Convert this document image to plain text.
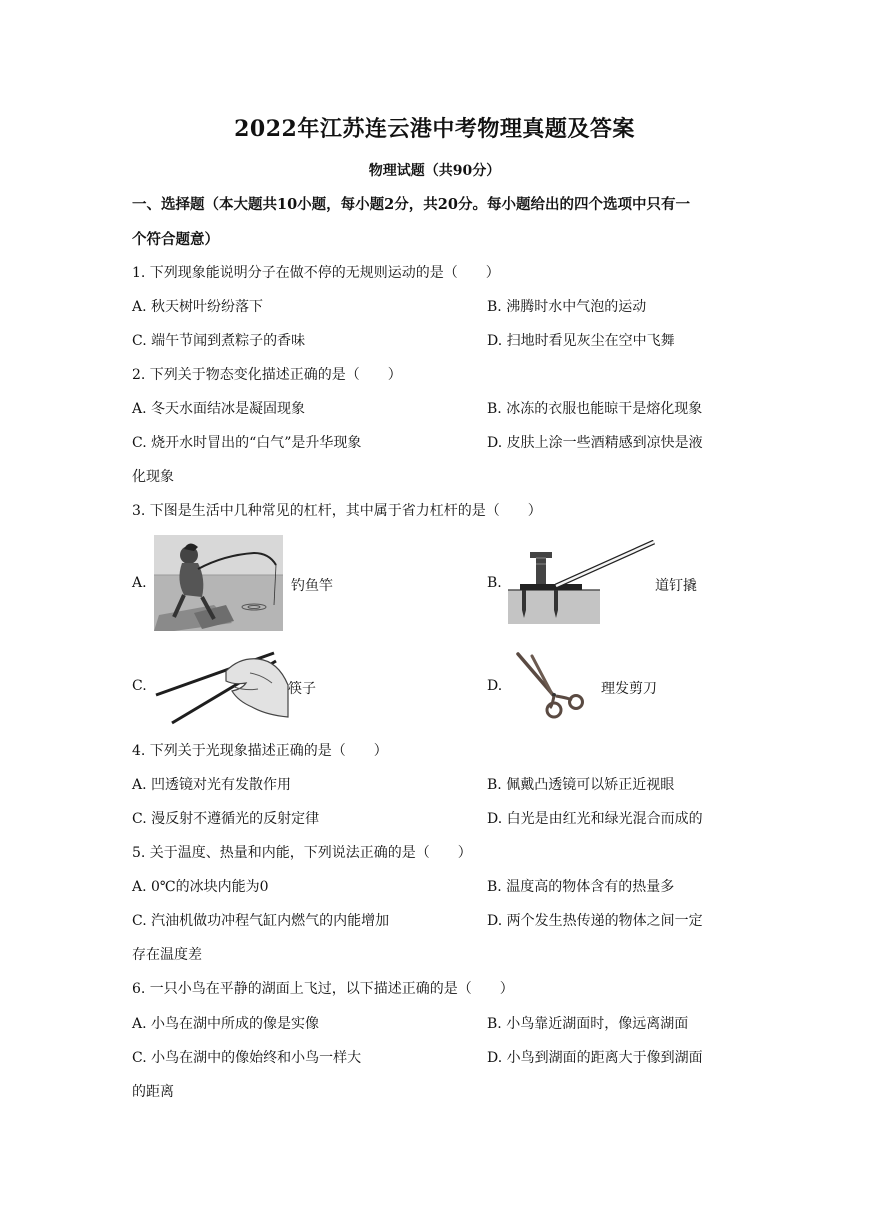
2022年江苏连云港中考物理真题及答案
物理试题（共90分）
一、选择题（本大题共10小题，每小题2分，共20分。每小题给出的四个选项中只有一
个符合题意）
1. 下列现象能说明分子在做不停的无规则运动的是（　　）
A. 秋天树叶纷纷落下	B. 沸腾时水中气泡的运动
C. 端午节闻到煮粽子的香味	D. 扫地时看见灰尘在空中飞舞
2. 下列关于物态变化描述正确的是（　　）
A. 冬天水面结冰是凝固现象	B. 冰冻的衣服也能晾干是熔化现象
C. 烧开水时冒出的“白气”是升华现象	D. 皮肤上涂一些酒精感到凉快是液
化现象
3. 下图是生活中几种常见的杠杆，其中属于省力杠杆的是（　　）
A.	钓鱼竿	B.	道钉撬
C.	筷子	D.	理发剪刀
4. 下列关于光现象描述正确的是（　　）
A. 凹透镜对光有发散作用	B. 佩戴凸透镜可以矫正近视眼
C. 漫反射不遵循光的反射定律	D. 白光是由红光和绿光混合而成的
5. 关于温度、热量和内能，下列说法正确的是（　　）
A. 0℃的冰块内能为0	B. 温度高的物体含有的热量多
C. 汽油机做功冲程气缸内燃气的内能增加	D. 两个发生热传递的物体之间一定
存在温度差
6. 一只小鸟在平静的湖面上飞过，以下描述正确的是（　　）
A. 小鸟在湖中所成的像是实像	B. 小鸟靠近湖面时，像远离湖面
C. 小鸟在湖中的像始终和小鸟一样大	D. 小鸟到湖面的距离大于像到湖面
的距离
